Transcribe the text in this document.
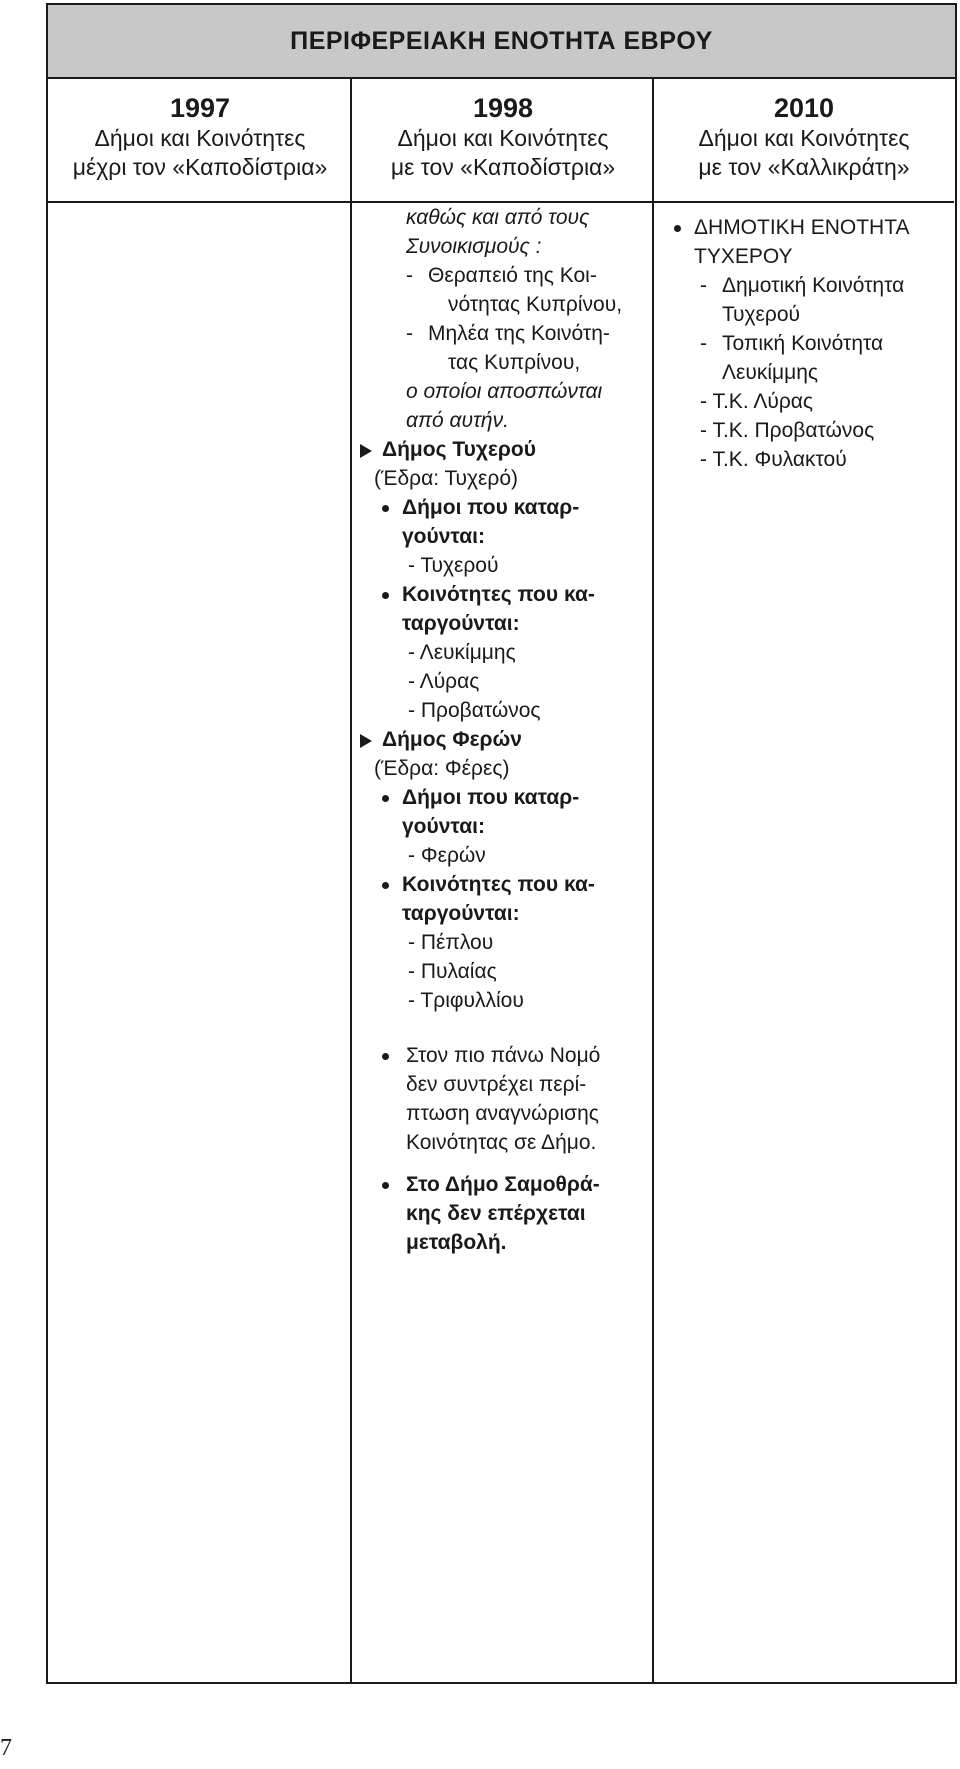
ΠΕΡΙΦΕΡΕΙΑΚΗ ΕΝΟΤΗΤΑ ΕΒΡΟΥ
1997
Δήμοι και Κοινότητες
μέχρι τον «Καποδίστρια»
1998
Δήμοι και Κοινότητες
με τον «Καποδίστρια»
2010
Δήμοι και Κοινότητες
με τον «Καλλικράτη»
καθώς και από τους
Συνοικισμούς :
- Θεραπειό της Κοι-
νότητας Κυπρίνου,
- Μηλέα της Κοινότη-
τας Κυπρίνου,
ο οποίοι αποσπώνται
από αυτήν.
Δήμος Τυχερού
(Έδρα: Τυχερό)
Δήμοι που καταρ-
γούνται:
- Τυχερού
Κοινότητες που κα-
ταργούνται:
- Λευκίμμης
- Λύρας
- Προβατώνος
Δήμος Φερών
(Έδρα: Φέρες)
Δήμοι που καταρ-
γούνται:
- Φερών
Κοινότητες που κα-
ταργούνται:
- Πέπλου
- Πυλαίας
- Τριφυλλίου
Στον πιο πάνω Νομό
δεν συντρέχει περί-
πτωση αναγνώρισης
Κοινότητας σε Δήμο.
Στο Δήμο Σαμοθρά-
κης δεν επέρχεται
μεταβολή.
ΔΗΜΟΤΙΚΗ ΕΝΟΤΗΤΑ
ΤΥΧΕΡΟΥ
- Δημοτική Κοινότητα
Τυχερού
- Τοπική Κοινότητα
Λευκίμμης
- Τ.Κ. Λύρας
- Τ.Κ. Προβατώνος
- Τ.Κ. Φυλακτού
7
